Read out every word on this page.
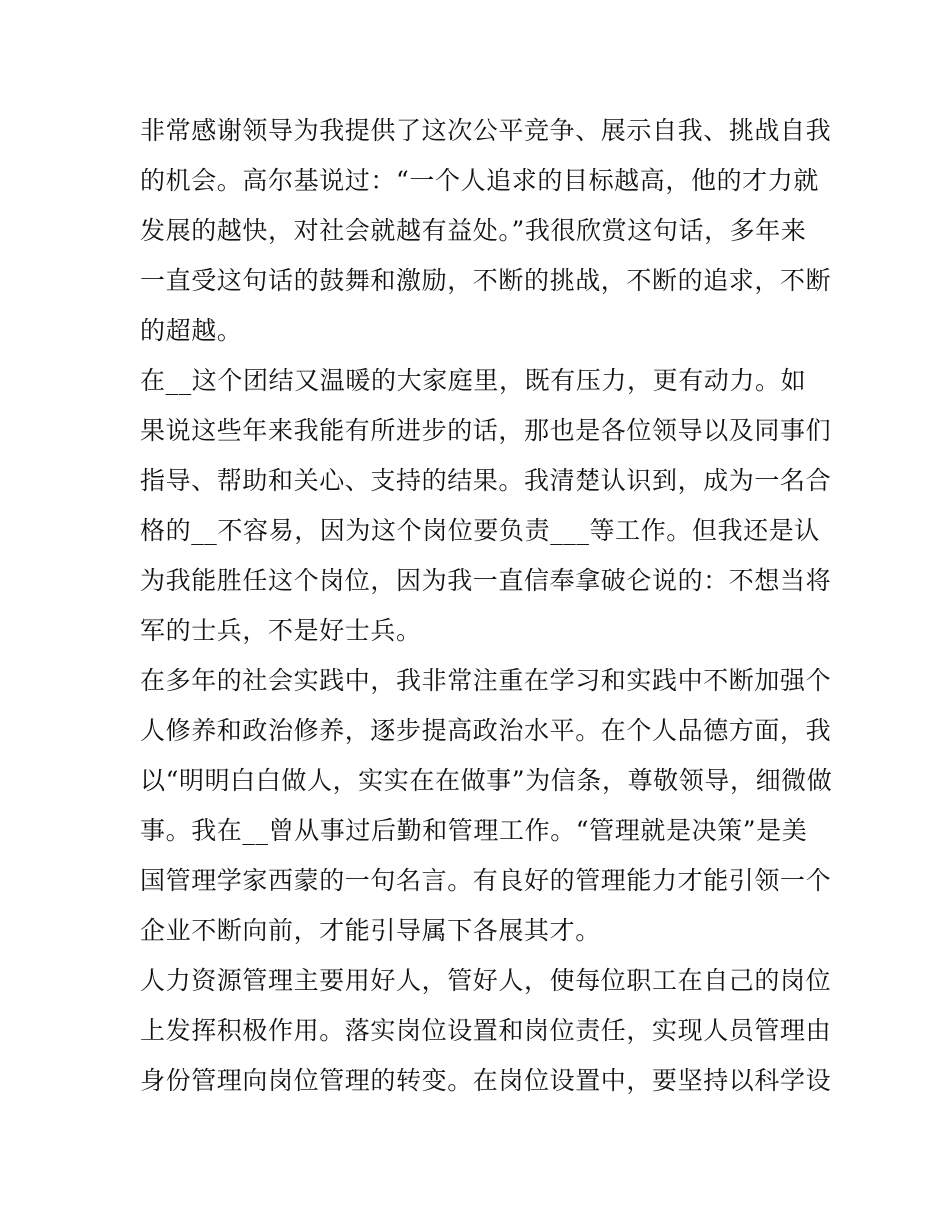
非常感谢领导为我提供了这次公平竞争、展示自我、挑战自我
的机会。高尔基说过：“一个人追求的目标越高，他的才力就
发展的越快，对社会就越有益处。”我很欣赏这句话，多年来
一直受这句话的鼓舞和激励，不断的挑战，不断的追求，不断
的超越。
在__这个团结又温暖的大家庭里，既有压力，更有动力。如
果说这些年来我能有所进步的话，那也是各位领导以及同事们
指导、帮助和关心、支持的结果。我清楚认识到，成为一名合
格的__不容易，因为这个岗位要负责___等工作。但我还是认
为我能胜任这个岗位，因为我一直信奉拿破仑说的：不想当将
军的士兵，不是好士兵。
在多年的社会实践中，我非常注重在学习和实践中不断加强个
人修养和政治修养，逐步提高政治水平。在个人品德方面，我
以“明明白白做人，实实在在做事”为信条，尊敬领导，细微做
事。我在__曾从事过后勤和管理工作。“管理就是决策”是美
国管理学家西蒙的一句名言。有良好的管理能力才能引领一个
企业不断向前，才能引导属下各展其才。
人力资源管理主要用好人，管好人，使每位职工在自己的岗位
上发挥积极作用。落实岗位设置和岗位责任，实现人员管理由
身份管理向岗位管理的转变。在岗位设置中，要坚持以科学设
